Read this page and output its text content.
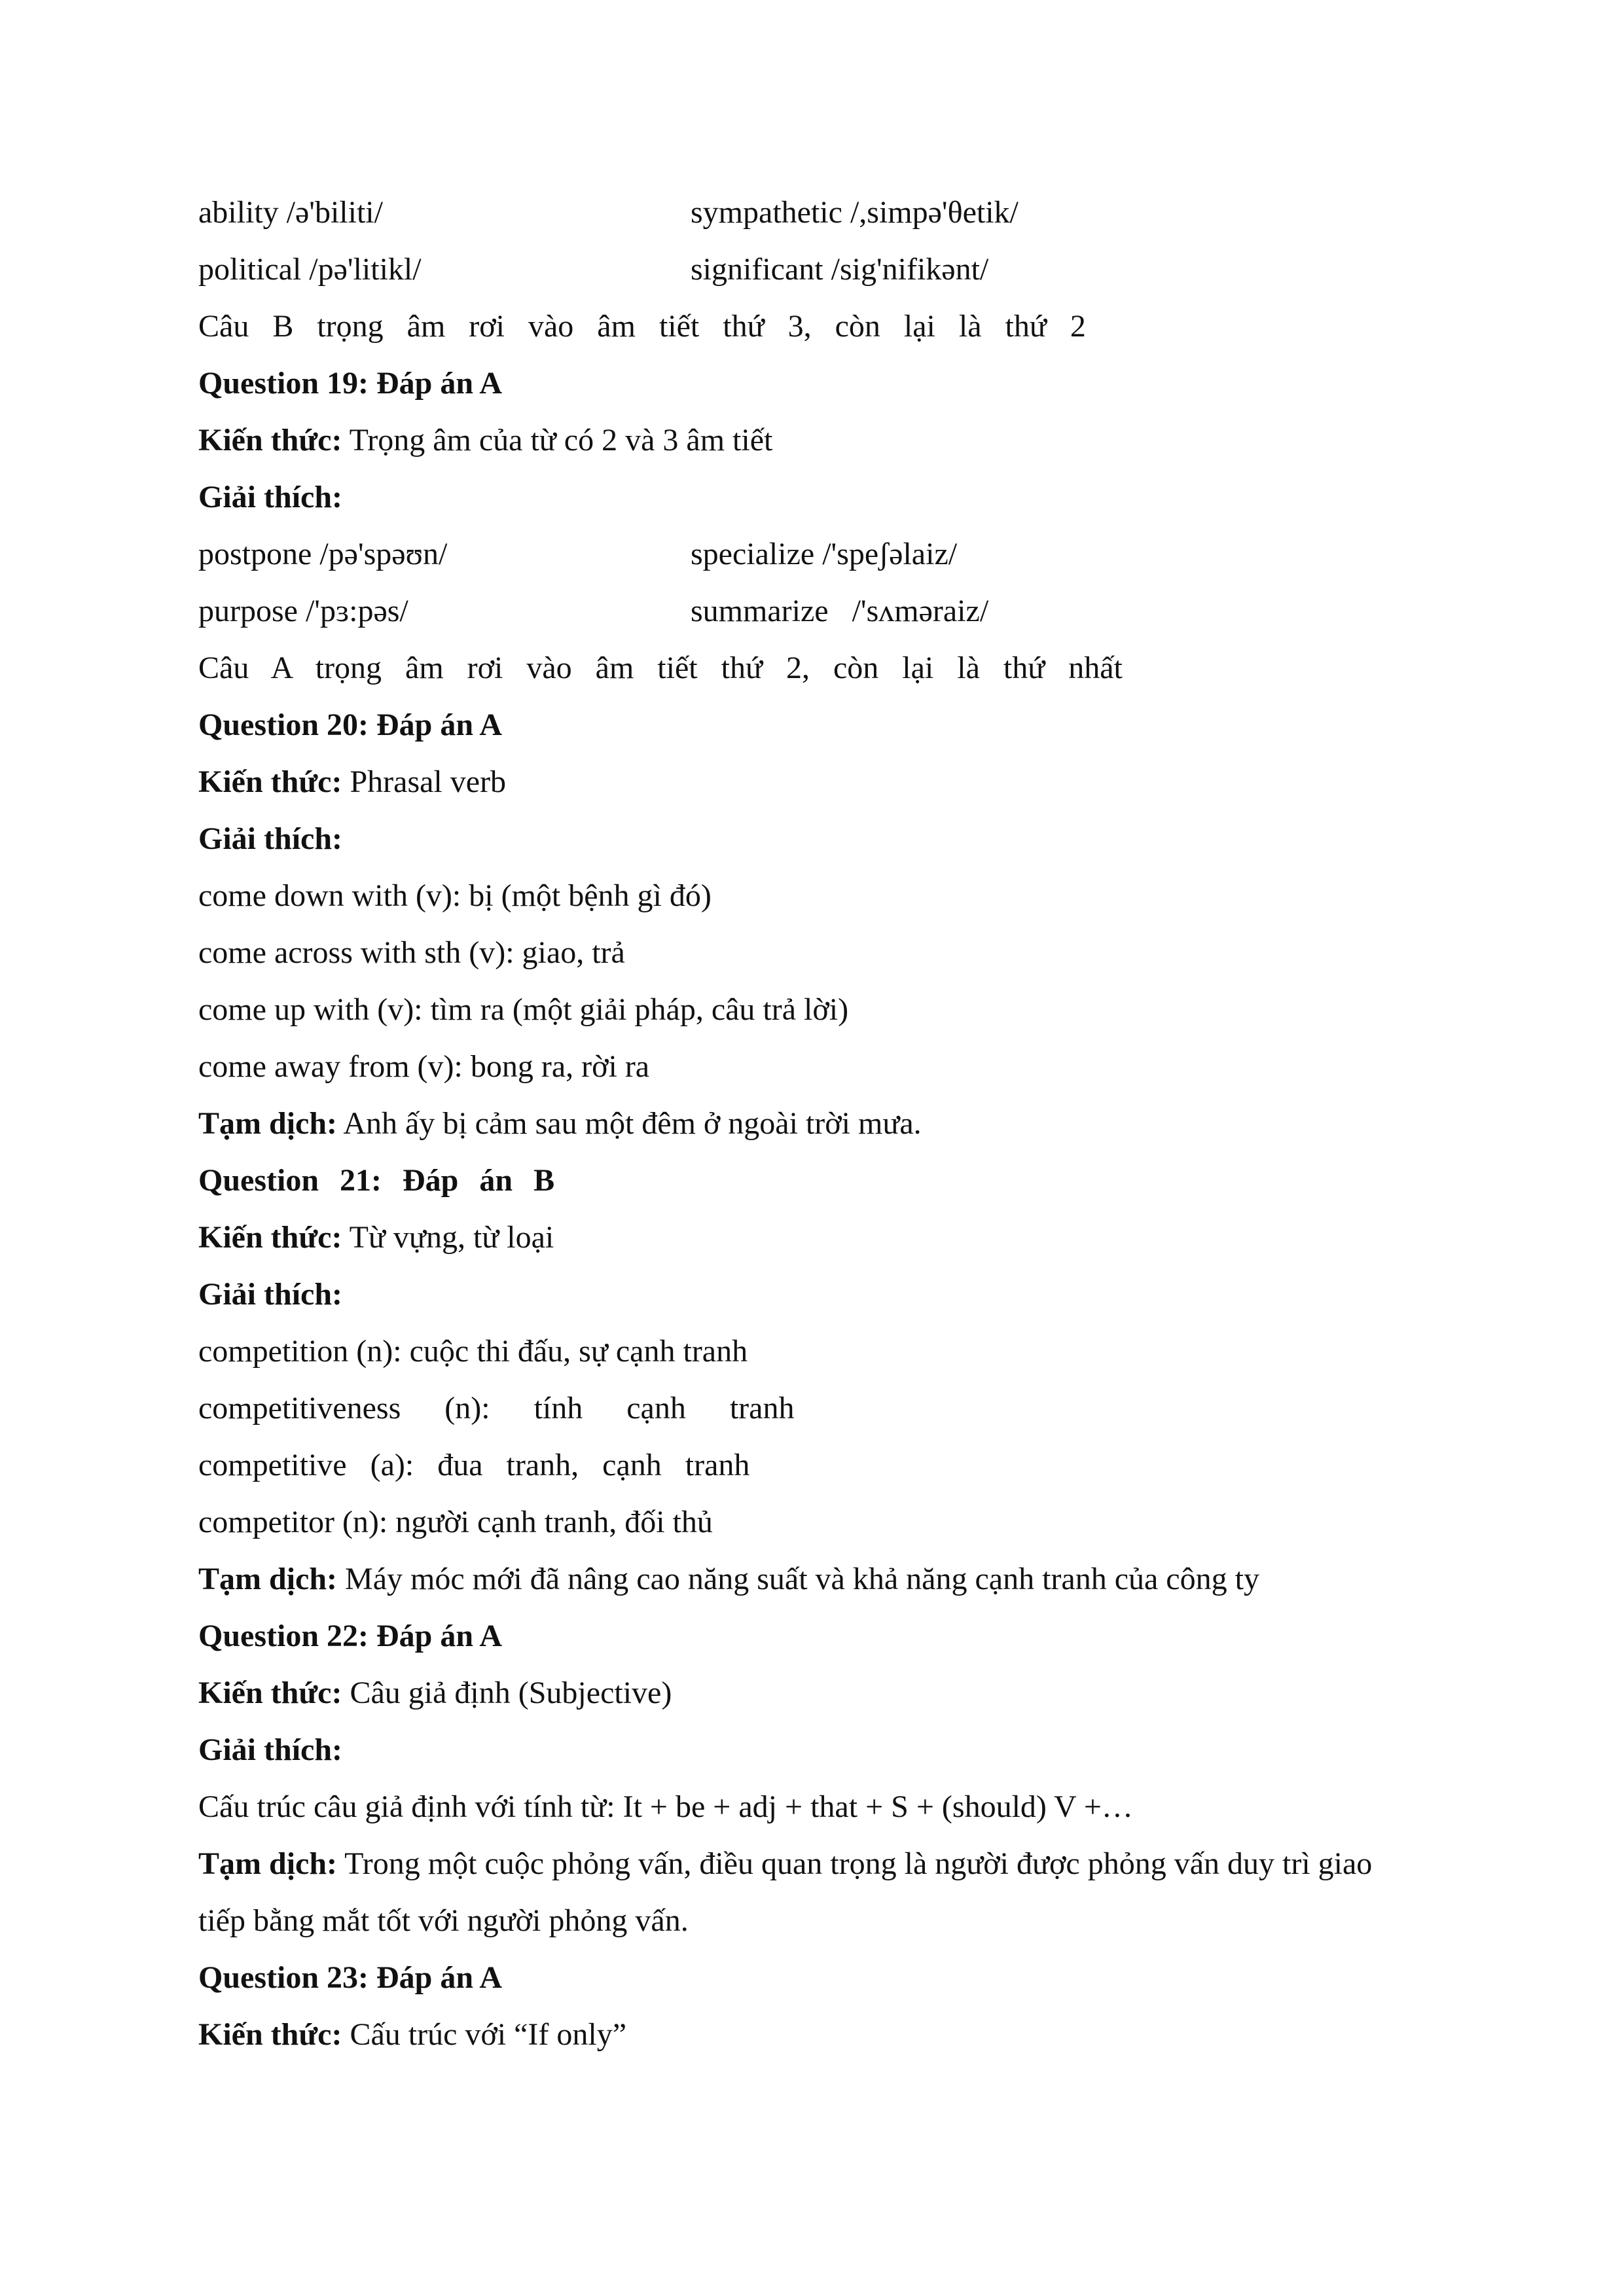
ability /ə'biliti/	sympathetic /,simpə'θetik/
political /pə'litikl/	significant /sig'nifikənt/
Câu B trọng âm rơi vào âm tiết thứ 3, còn lại là thứ 2
Question 19: Đáp án A
Kiến thức: Trọng âm của từ có 2 và 3 âm tiết
Giải thích:
postpone /pə'spəʊn/	specialize /'speʃəlaiz/
purpose /'pɜ:pəs/	summarize   /'sʌməraiz/
Câu A trọng âm rơi vào âm tiết thứ 2, còn lại là thứ nhất
Question 20: Đáp án A
Kiến thức: Phrasal verb
Giải thích:
come down with (v): bị (một bệnh gì đó)
come across with sth (v): giao, trả
come up with (v): tìm ra (một giải pháp, câu trả lời)
come away from (v): bong ra, rời ra
Tạm dịch: Anh ấy bị cảm sau một đêm ở ngoài trời mưa.
Question 21: Đáp án B
Kiến thức: Từ vựng, từ loại
Giải thích:
competition (n): cuộc thi đấu, sự cạnh tranh
competitiveness (n): tính cạnh tranh
competitive (a): đua tranh, cạnh tranh
competitor (n): người cạnh tranh, đối thủ
Tạm dịch: Máy móc mới đã nâng cao năng suất và khả năng cạnh tranh của công ty
Question 22: Đáp án A
Kiến thức: Câu giả định (Subjective)
Giải thích:
Cấu trúc câu giả định với tính từ: It + be + adj + that + S + (should) V +…
Tạm dịch: Trong một cuộc phỏng vấn, điều quan trọng là người được phỏng vấn duy trì giao
tiếp bằng mắt tốt với người phỏng vấn.
Question 23: Đáp án A
Kiến thức: Cấu trúc với “If only”
